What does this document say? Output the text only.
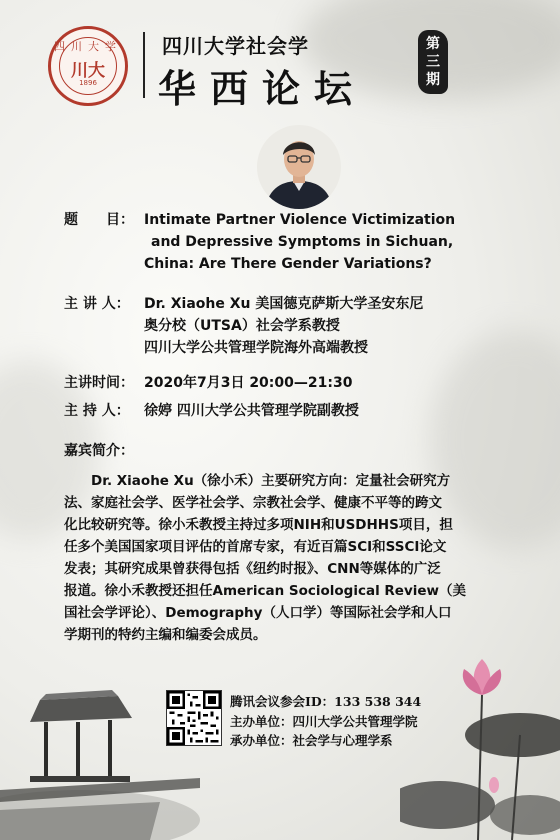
四川大学
川大
1896
四川大学社会学
华西论坛
第
三
期
题　　目： Intimate Partner Violence Victimization
and Depressive Symptoms in Sichuan,
China: Are There Gender Variations?
主 讲 人： Dr. Xiaohe Xu 美国德克萨斯大学圣安东尼
奥分校（UTSA）社会学系教授
四川大学公共管理学院海外高端教授
主讲时间： 2020年7月3日 20:00—21:30
主 持 人： 徐婷 四川大学公共管理学院副教授
嘉宾简介：
　　Dr. Xiaohe Xu（徐小禾）主要研究方向：定量社会研究方
法、家庭社会学、医学社会学、宗教社会学、健康不平等的跨文
化比较研究等。徐小禾教授主持过多项NIH和USDHHS项目，担
任多个美国国家项目评估的首席专家，有近百篇SCI和SSCI论文
发表；其研究成果曾获得包括《纽约时报》、CNN等媒体的广泛
报道。徐小禾教授还担任American Sociological Review（美
国社会学评论）、Demography（人口学）等国际社会学和人口
学期刊的特约主编和编委会成员。
腾讯会议参会ID：133 538 344
主办单位：四川大学公共管理学院
承办单位：社会学与心理学系
